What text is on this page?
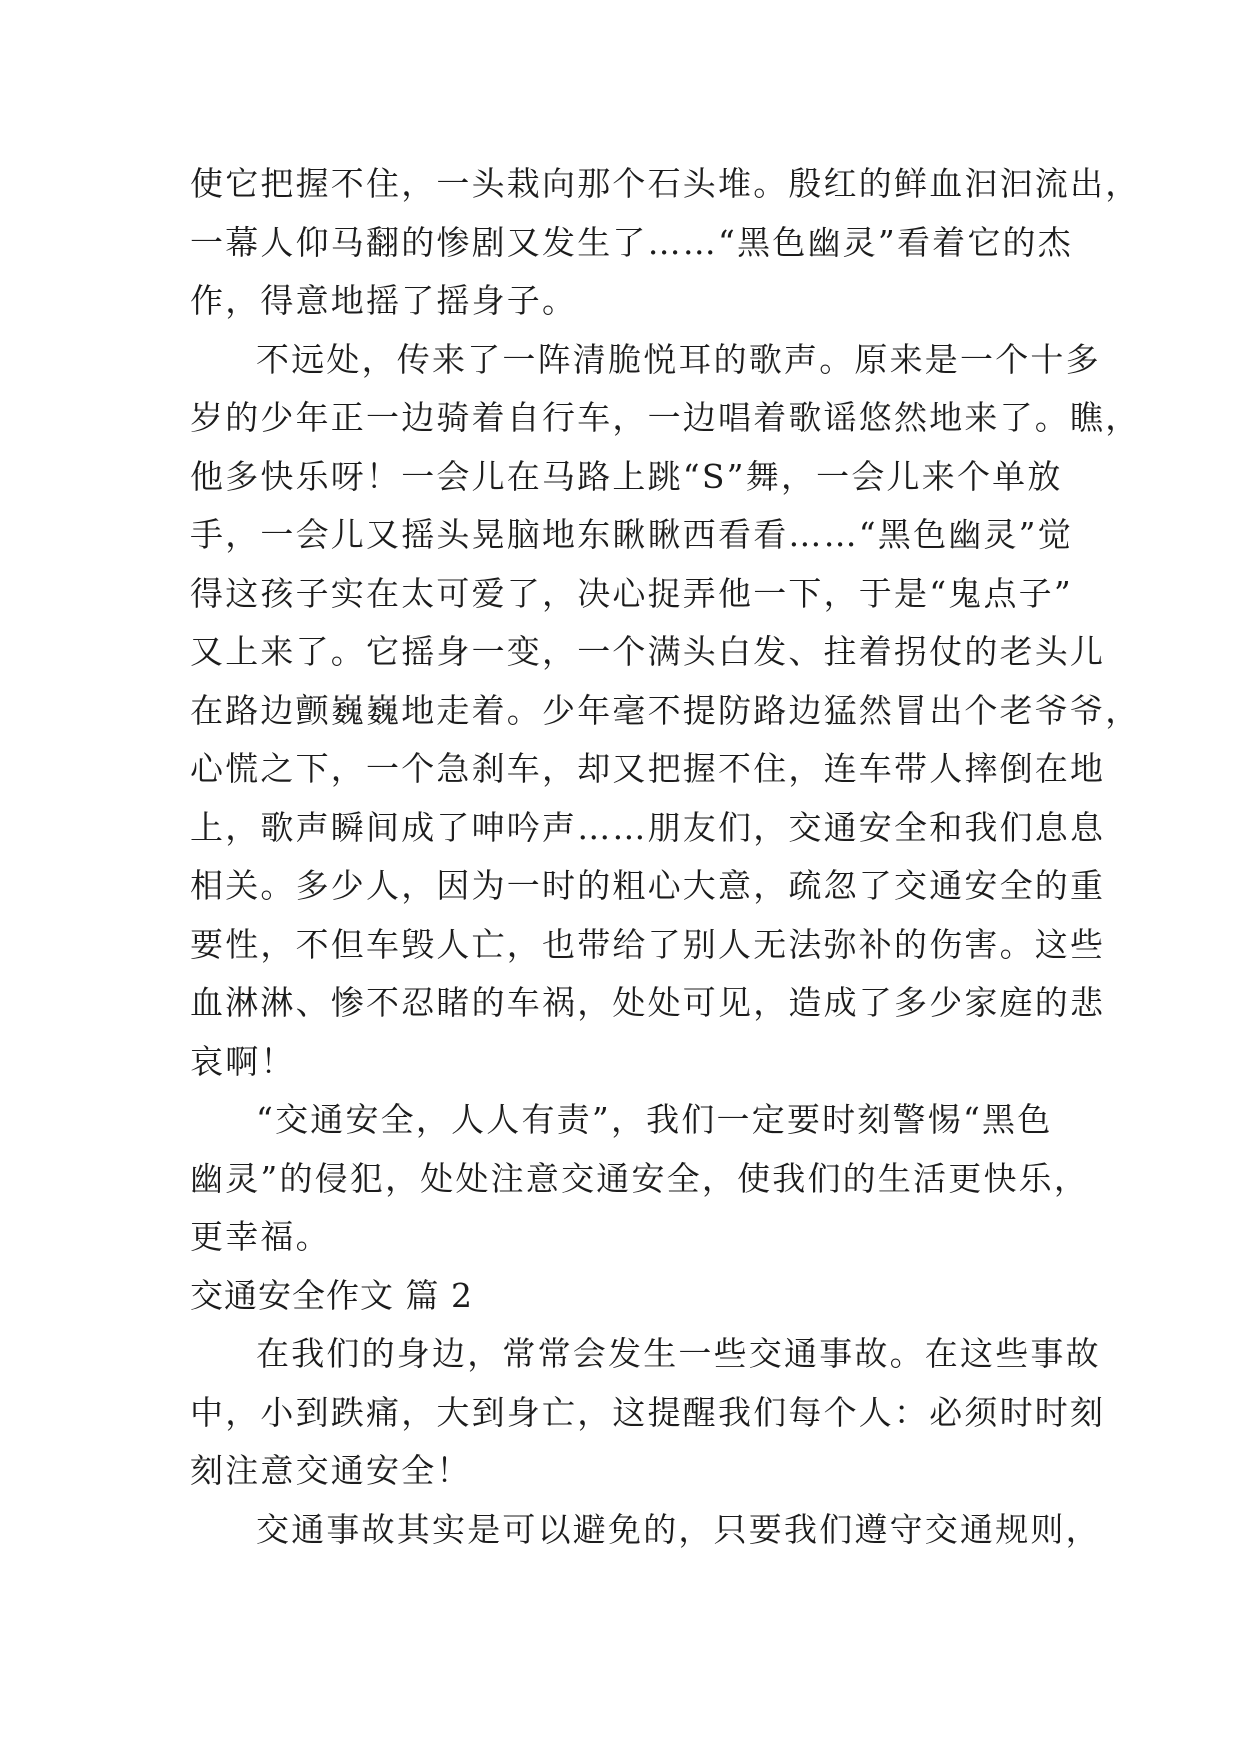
使它把握不住，一头栽向那个石头堆。殷红的鲜血汩汩流出，
一幕人仰马翻的惨剧又发生了……“黑色幽灵”看着它的杰
作，得意地摇了摇身子。
不远处，传来了一阵清脆悦耳的歌声。原来是一个十多
岁的少年正一边骑着自行车，一边唱着歌谣悠然地来了。瞧，
他多快乐呀！一会儿在马路上跳“S”舞，一会儿来个单放
手，一会儿又摇头晃脑地东瞅瞅西看看……“黑色幽灵”觉
得这孩子实在太可爱了，决心捉弄他一下，于是“鬼点子”
又上来了。它摇身一变，一个满头白发、拄着拐仗的老头儿
在路边颤巍巍地走着。少年毫不提防路边猛然冒出个老爷爷，
心慌之下，一个急刹车，却又把握不住，连车带人摔倒在地
上，歌声瞬间成了呻吟声……朋友们，交通安全和我们息息
相关。多少人，因为一时的粗心大意，疏忽了交通安全的重
要性，不但车毁人亡，也带给了别人无法弥补的伤害。这些
血淋淋、惨不忍睹的车祸，处处可见，造成了多少家庭的悲
哀啊！
“交通安全，人人有责”，我们一定要时刻警惕“黑色
幽灵”的侵犯，处处注意交通安全，使我们的生活更快乐，
更幸福。
交通安全作文 篇 2
在我们的身边，常常会发生一些交通事故。在这些事故
中，小到跌痛，大到身亡，这提醒我们每个人：必须时时刻
刻注意交通安全！
交通事故其实是可以避免的，只要我们遵守交通规则，
